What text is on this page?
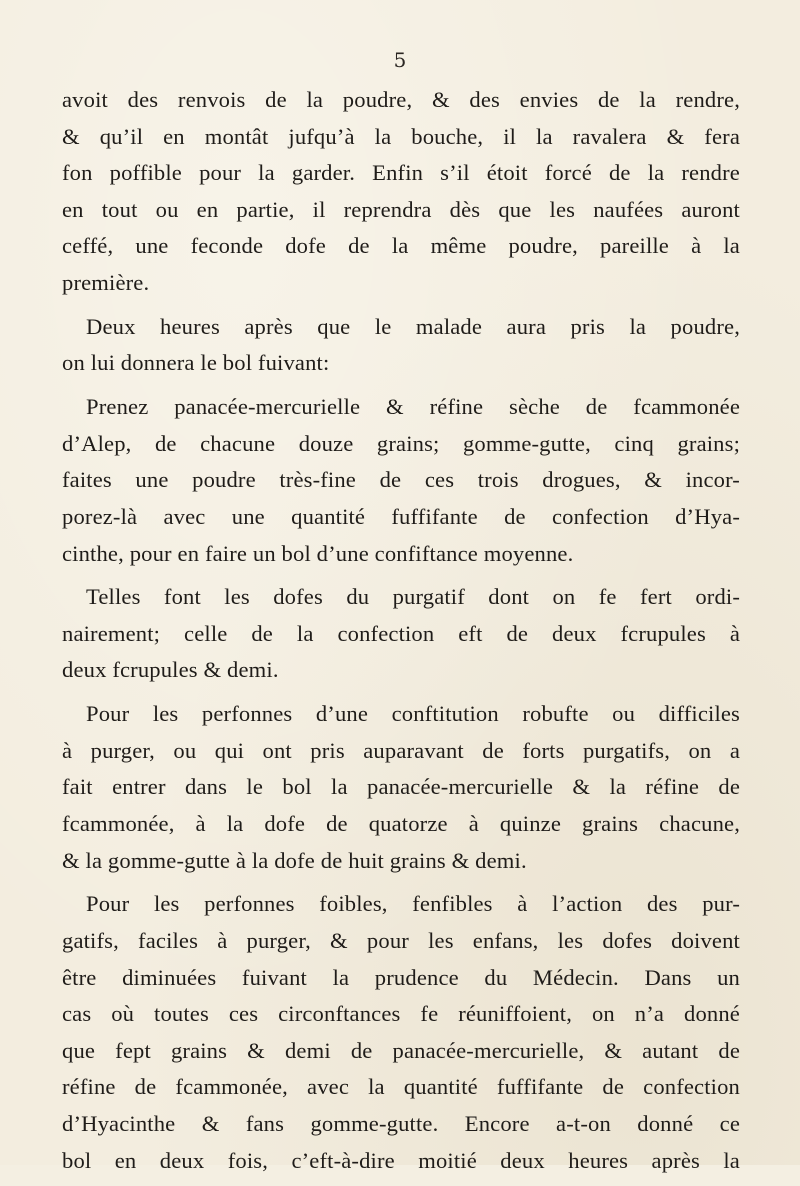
5
avoit des renvois de la poudre, & des envies de la rendre,
& qu’il en montât jufqu’à la bouche, il la ravalera & fera
fon poffible pour la garder. Enfin s’il étoit forcé de la rendre
en tout ou en partie, il reprendra dès que les naufées auront
ceffé, une feconde dofe de la même poudre, pareille à la
première.
Deux heures après que le malade aura pris la poudre,
on lui donnera le bol fuivant:
Prenez panacée-mercurielle & réfine sèche de fcammonée
d’Alep, de chacune douze grains; gomme-gutte, cinq grains;
faites une poudre très-fine de ces trois drogues, & incor-
porez-là avec une quantité fuffifante de confection d’Hya-
cinthe, pour en faire un bol d’une confiftance moyenne.
Telles font les dofes du purgatif dont on fe fert ordi-
nairement; celle de la confection eft de deux fcrupules à
deux fcrupules & demi.
Pour les perfonnes d’une conftitution robufte ou difficiles
à purger, ou qui ont pris auparavant de forts purgatifs, on a
fait entrer dans le bol la panacée-mercurielle & la réfine de
fcammonée, à la dofe de quatorze à quinze grains chacune,
& la gomme-gutte à la dofe de huit grains & demi.
Pour les perfonnes foibles, fenfibles à l’action des pur-
gatifs, faciles à purger, & pour les enfans, les dofes doivent
être diminuées fuivant la prudence du Médecin. Dans un
cas où toutes ces circonftances fe réuniffoient, on n’a donné
que fept grains & demi de panacée-mercurielle, & autant de
réfine de fcammonée, avec la quantité fuffifante de confection
d’Hyacinthe & fans gomme-gutte. Encore a-t-on donné ce
bol en deux fois, c’eft-à-dire moitié deux heures après la
